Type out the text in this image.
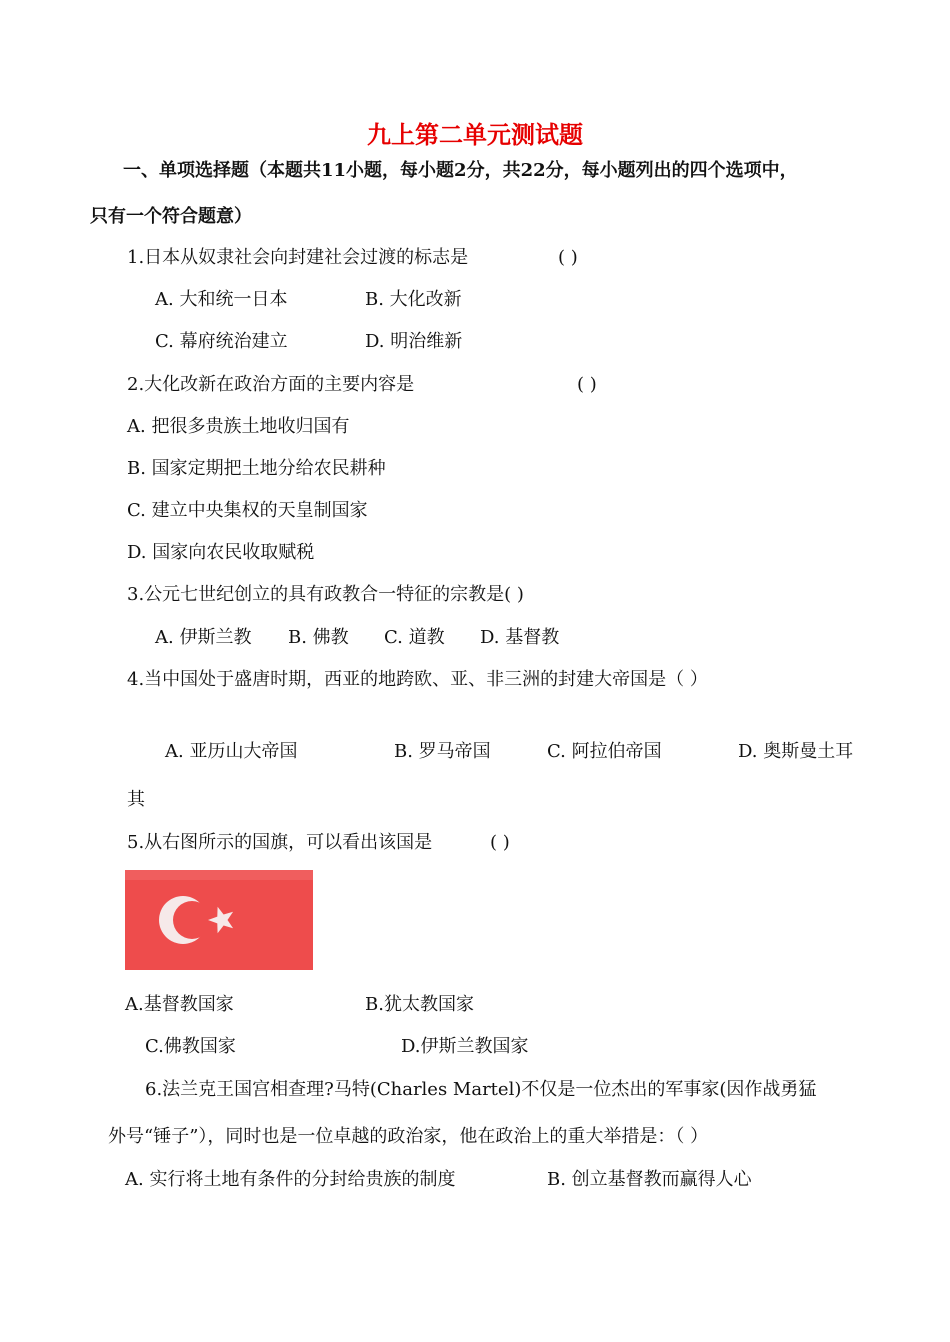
九上第二单元测试题
一、单项选择题（本题共11小题，每小题2分，共22分，每小题列出的四个选项中，
只有一个符合题意）
1.日本从奴隶社会向封建社会过渡的标志是	( )
A. 大和统一日本	B. 大化改新
C. 幕府统治建立	D. 明治维新
2.大化改新在政治方面的主要内容是	( )
A. 把很多贵族土地收归国有
B. 国家定期把土地分给农民耕种
C. 建立中央集权的天皇制国家
D. 国家向农民收取赋税
3.公元七世纪创立的具有政教合一特征的宗教是( )
A. 伊斯兰教 B. 佛教 C. 道教 D. 基督教
4.当中国处于盛唐时期，西亚的地跨欧、亚、非三洲的封建大帝国是（ ）
A. 亚历山大帝国	B. 罗马帝国	C. 阿拉伯帝国	D. 奥斯曼土耳
其
5.从右图所示的国旗，可以看出该国是	( )
A.基督教国家	B.犹太教国家
C.佛教国家	D.伊斯兰教国家
6.法兰克王国宫相查理?马特(Charles Martel)不仅是一位杰出的军事家(因作战勇猛
外号“锤子”），同时也是一位卓越的政治家，他在政治上的重大举措是：（ ）
A. 实行将土地有条件的分封给贵族的制度	B. 创立基督教而赢得人心
